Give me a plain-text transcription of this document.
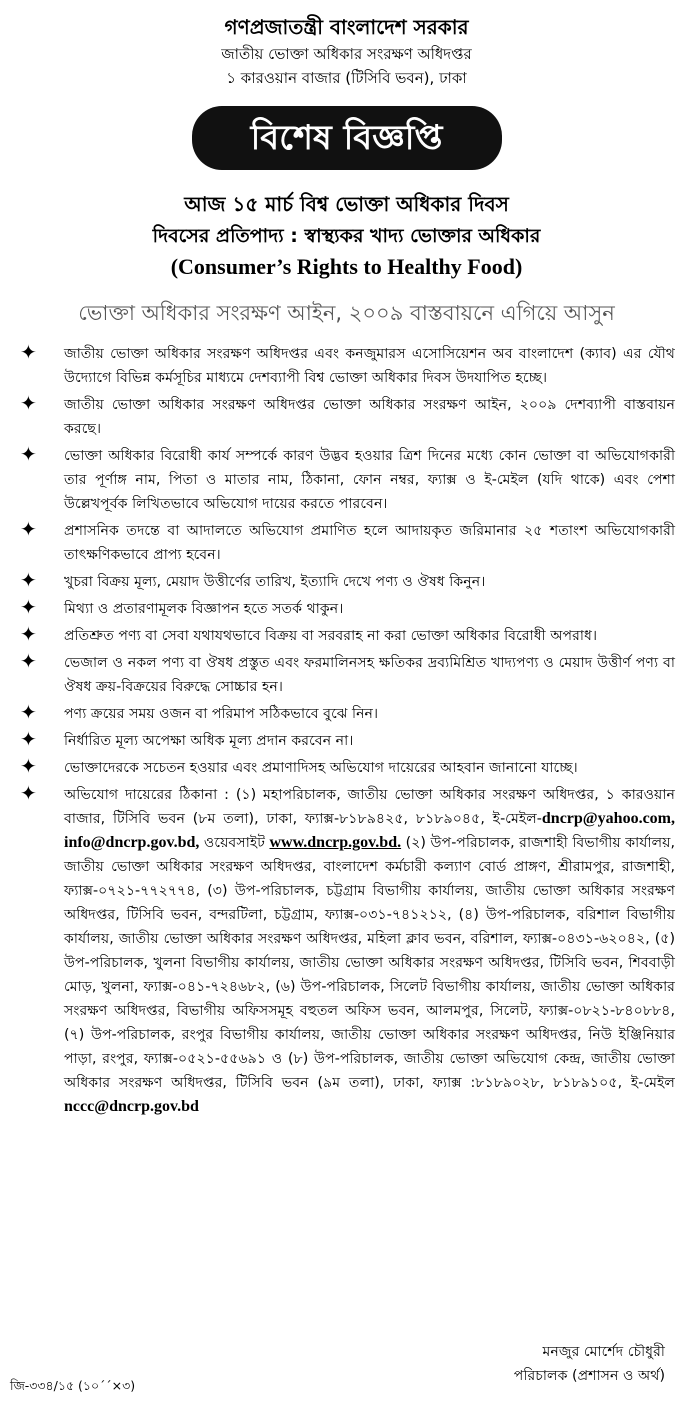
গণপ্রজাতন্ত্রী বাংলাদেশ সরকার
জাতীয় ভোক্তা অধিকার সংরক্ষণ অধিদপ্তর
১ কারওয়ান বাজার (টিসিবি ভবন), ঢাকা
বিশেষ বিজ্ঞপ্তি
আজ ১৫ মার্চ বিশ্ব ভোক্তা অধিকার দিবস
দিবসের প্রতিপাদ্য : স্বাস্থ্যকর খাদ্য ভোক্তার অধিকার
(Consumer’s Rights to Healthy Food)
ভোক্তা অধিকার সংরক্ষণ আইন, ২০০৯ বাস্তবায়নে এগিয়ে আসুন
✦ জাতীয় ভোক্তা অধিকার সংরক্ষণ অধিদপ্তর এবং কনজুমারস এসোসিয়েশন অব বাংলাদেশ (ক্যাব) এর যৌথ উদ্যোগে বিভিন্ন কর্মসূচির মাধ্যমে দেশব্যাপী বিশ্ব ভোক্তা অধিকার দিবস উদযাপিত হচ্ছে।
✦ জাতীয় ভোক্তা অধিকার সংরক্ষণ অধিদপ্তর ভোক্তা অধিকার সংরক্ষণ আইন, ২০০৯ দেশব্যাপী বাস্তবায়ন করছে।
✦ ভোক্তা অধিকার বিরোধী কার্য সম্পর্কে কারণ উদ্ভব হওয়ার ত্রিশ দিনের মধ্যে কোন ভোক্তা বা অভিযোগকারী তার পূর্ণাঙ্গ নাম, পিতা ও মাতার নাম, ঠিকানা, ফোন নম্বর, ফ্যাক্স ও ই-মেইল (যদি থাকে) এবং পেশা উল্লেখপূর্বক লিখিতভাবে অভিযোগ দায়ের করতে পারবেন।
✦ প্রশাসনিক তদন্তে বা আদালতে অভিযোগ প্রমাণিত হলে আদায়কৃত জরিমানার ২৫ শতাংশ অভিযোগকারী তাৎক্ষণিকভাবে প্রাপ্য হবেন।
✦ খুচরা বিক্রয় মূল্য, মেয়াদ উত্তীর্ণের তারিখ, ইত্যাদি দেখে পণ্য ও ঔষধ কিনুন।
✦ মিথ্যা ও প্রতারণামূলক বিজ্ঞাপন হতে সতর্ক থাকুন।
✦ প্রতিশ্রুত পণ্য বা সেবা যথাযথভাবে বিক্রয় বা সরবরাহ না করা ভোক্তা অধিকার বিরোধী অপরাধ।
✦ ভেজাল ও নকল পণ্য বা ঔষধ প্রস্তুত এবং ফরমালিনসহ ক্ষতিকর দ্রব্যমিশ্রিত খাদ্যপণ্য ও মেয়াদ উত্তীর্ণ পণ্য বা ঔষধ ক্রয়-বিক্রয়ের বিরুদ্ধে সোচ্চার হন।
✦ পণ্য ক্রয়ের সময় ওজন বা পরিমাপ সঠিকভাবে বুঝে নিন।
✦ নির্ধারিত মূল্য অপেক্ষা অধিক মূল্য প্রদান করবেন না।
✦ ভোক্তাদেরকে সচেতন হওয়ার এবং প্রমাণাদিসহ অভিযোগ দায়েরের আহবান জানানো যাচ্ছে।
✦ অভিযোগ দায়েরের ঠিকানা : (১) মহাপরিচালক, জাতীয় ভোক্তা অধিকার সংরক্ষণ অধিদপ্তর, ১ কারওয়ান বাজার, টিসিবি ভবন (৮ম তলা), ঢাকা, ফ্যাক্স-৮১৮৯৪২৫, ৮১৮৯০৪৫, ই-মেইল-dncrp@yahoo.com, info@dncrp.gov.bd, ওয়েবসাইট www.dncrp.gov.bd. (২) উপ-পরিচালক, রাজশাহী বিভাগীয় কার্যালয়, জাতীয় ভোক্তা অধিকার সংরক্ষণ অধিদপ্তর, বাংলাদেশ কর্মচারী কল্যাণ বোর্ড প্রাঙ্গণ, শ্রীরামপুর, রাজশাহী, ফ্যাক্স-০৭২১-৭৭২৭৭৪, (৩) উপ-পরিচালক, চট্টগ্রাম বিভাগীয় কার্যালয়, জাতীয় ভোক্তা অধিকার সংরক্ষণ অধিদপ্তর, টিসিবি ভবন, বন্দরটিলা, চট্টগ্রাম, ফ্যাক্স-০৩১-৭৪১২১২, (৪) উপ-পরিচালক, বরিশাল বিভাগীয় কার্যালয়, জাতীয় ভোক্তা অধিকার সংরক্ষণ অধিদপ্তর, মহিলা ক্লাব ভবন, বরিশাল, ফ্যাক্স-০৪৩১-৬২০৪২, (৫) উপ-পরিচালক, খুলনা বিভাগীয় কার্যালয়, জাতীয় ভোক্তা অধিকার সংরক্ষণ অধিদপ্তর, টিসিবি ভবন, শিববাড়ী মোড়, খুলনা, ফ্যাক্স-০৪১-৭২৪৬৮২, (৬) উপ-পরিচালক, সিলেট বিভাগীয় কার্যালয়, জাতীয় ভোক্তা অধিকার সংরক্ষণ অধিদপ্তর, বিভাগীয় অফিসসমূহ বহুতল অফিস ভবন, আলমপুর, সিলেট, ফ্যাক্স-০৮২১-৮৪০৮৮৪, (৭) উপ-পরিচালক, রংপুর বিভাগীয় কার্যালয়, জাতীয় ভোক্তা অধিকার সংরক্ষণ অধিদপ্তর, নিউ ইঞ্জিনিয়ার পাড়া, রংপুর, ফ্যাক্স-০৫২১-৫৫৬৯১ ও (৮) উপ-পরিচালক, জাতীয় ভোক্তা অভিযোগ কেন্দ্র, জাতীয় ভোক্তা অধিকার সংরক্ষণ অধিদপ্তর, টিসিবি ভবন (৯ম তলা), ঢাকা, ফ্যাক্স :৮১৮৯০২৮, ৮১৮৯১০৫, ই-মেইল nccc@dncrp.gov.bd
মনজুর মোর্শেদ চৌধুরী
পরিচালক (প্রশাসন ও অর্থ)
জি-৩৩৪/১৫ (১০´´×৩)
